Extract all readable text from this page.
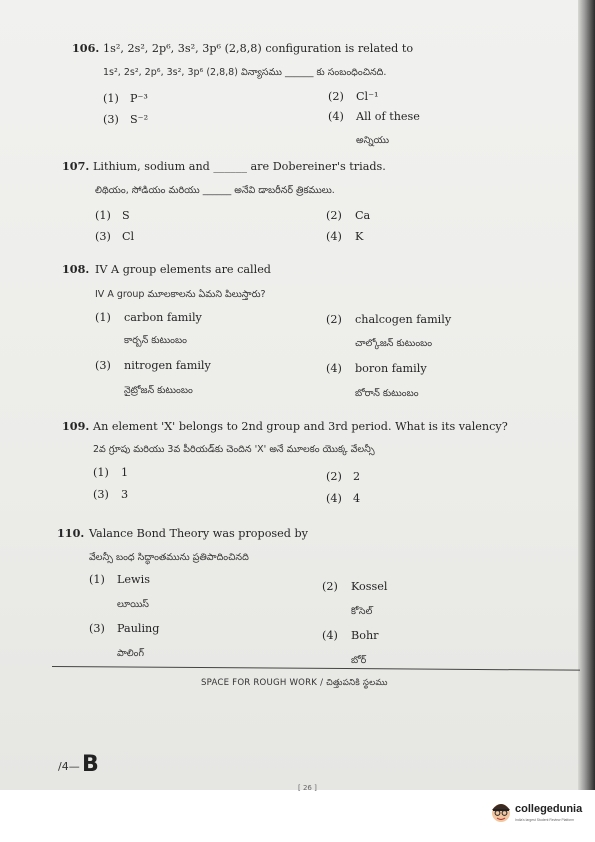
106. 1s², 2s², 2p⁶, 3s², 3p⁶ (2,8,8) configuration is related to
1s², 2s², 2p⁶, 3s², 3p⁶ (2,8,8) విన్యాసము ______ కు సంబంధించినది.
(1) P⁻³	(2) Cl⁻¹
(3) S⁻²	(4) All of these
అన్నియు
107. Lithium, sodium and ______ are Dobereiner's triads.
లిథియం, సోడియం మరియు ______ అనేవి డాబరీనర్ త్రికములు.
(1) S	(2) Ca
(3) Cl	(4) K
108. IV A group elements are called
IV A group మూలకాలను ఏమని పిలుస్తారు?
(1) carbon family
కార్బన్ కుటుంబం
(2) chalcogen family
చాల్కోజన్ కుటుంబం
(3) nitrogen family
నైట్రోజన్ కుటుంబం
(4) boron family
బోరాన్ కుటుంబం
109. An element 'X' belongs to 2nd group and 3rd period. What is its valency?
2వ గ్రూపు మరియు 3వ పీరియడ్‌కు చెందిన 'X' అనే మూలకం యొక్క వేలన్సీ
(1) 1	(2) 2
(3) 3	(4) 4
110. Valance Bond Theory was proposed by
వేలన్సీ బంధ సిద్ధాంతమును ప్రతిపాదించినది
(1) Lewis
లూయిస్
(2) Kossel
కోసెల్
(3) Pauling
పాలింగ్
(4) Bohr
బోర్
SPACE FOR ROUGH WORK / చిత్తుపనికి స్థలము
/4— B
[ 26 ]
collegedunia
India's largest Student Review Platform
